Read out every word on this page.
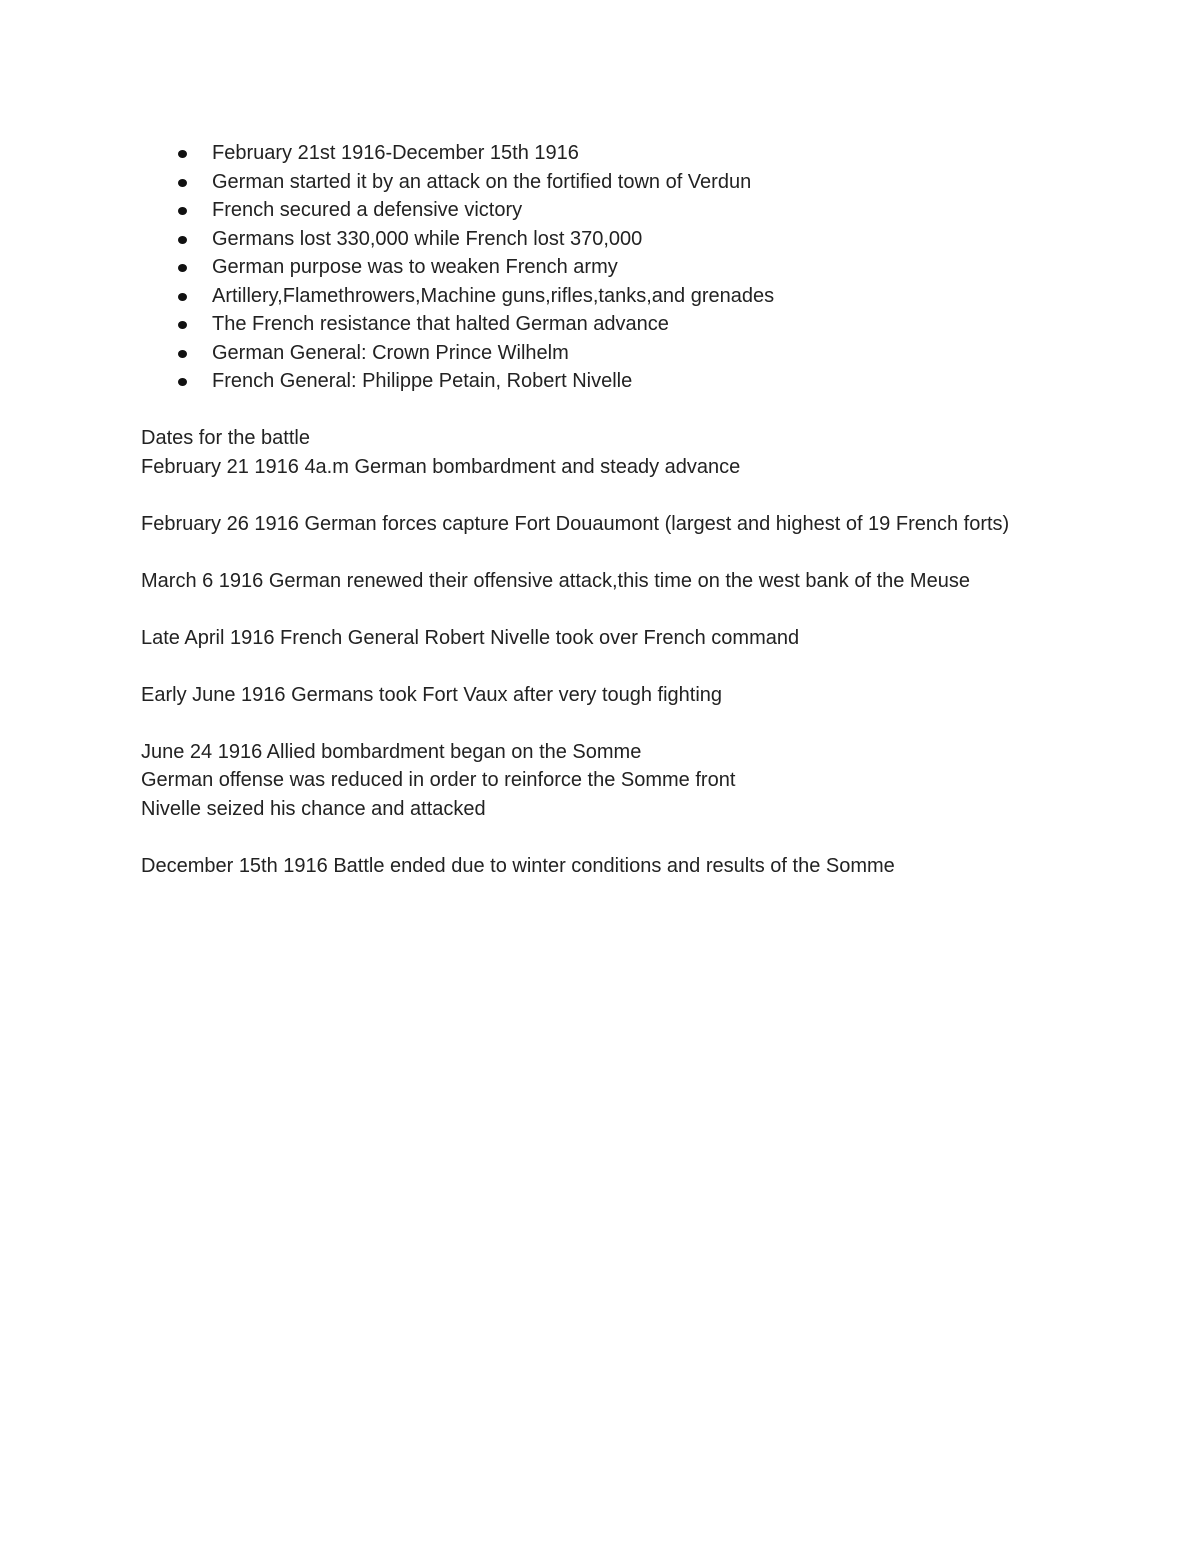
February 21st 1916-December 15th 1916
German started it by an attack on the fortified town of Verdun
French secured a defensive victory
Germans lost 330,000 while French lost 370,000
German purpose was to weaken French army
Artillery,Flamethrowers,Machine guns,rifles,tanks,and grenades
The French resistance that halted German advance
German General: Crown Prince Wilhelm
French General: Philippe Petain, Robert Nivelle
Dates for the battle
February 21 1916 4a.m German bombardment and steady advance
February 26 1916 German forces capture Fort Douaumont (largest and highest of 19 French forts)
March 6 1916 German renewed their offensive attack,this time on the west bank of the Meuse
Late April 1916 French General Robert Nivelle took over French command
Early June 1916 Germans took Fort Vaux after very tough fighting
June 24 1916 Allied bombardment began on the Somme
German offense was reduced in order to reinforce the Somme front
Nivelle seized his chance and attacked
December 15th 1916 Battle ended due to winter conditions and results of the Somme
